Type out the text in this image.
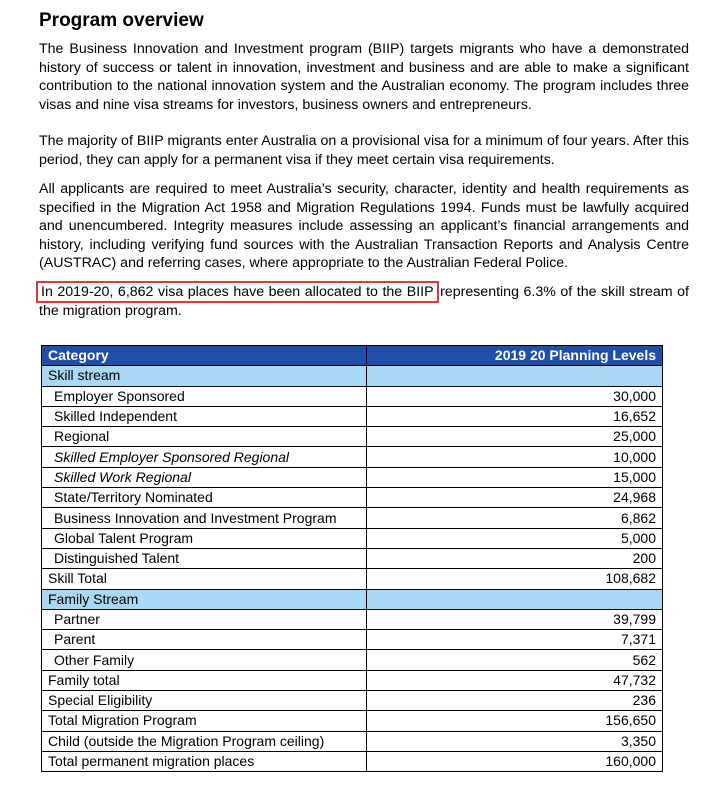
Program overview

The Business Innovation and Investment program (BIIP) targets migrants who have a demonstrated history of success or talent in innovation, investment and business and are able to make a significant contribution to the national innovation system and the Australian economy. The program includes three visas and nine visa streams for investors, business owners and entrepreneurs.

The majority of BIIP migrants enter Australia on a provisional visa for a minimum of four years. After this period, they can apply for a permanent visa if they meet certain visa requirements.

All applicants are required to meet Australia’s security, character, identity and health requirements as specified in the Migration Act 1958 and Migration Regulations 1994. Funds must be lawfully acquired and unencumbered. Integrity measures include assessing an applicant’s financial arrangements and history, including verifying fund sources with the Australian Transaction Reports and Analysis Centre (AUSTRAC) and referring cases, where appropriate to the Australian Federal Police.

In 2019-20, 6,862 visa places have been allocated to the BIIP representing 6.3% of the skill stream of the migration program.

Category	2019 20 Planning Levels
Skill stream	
Employer Sponsored	30,000
Skilled Independent	16,652
Regional	25,000
Skilled Employer Sponsored Regional	10,000
Skilled Work Regional	15,000
State/Territory Nominated	24,968
Business Innovation and Investment Program	6,862
Global Talent Program	5,000
Distinguished Talent	200
Skill Total	108,682
Family Stream	
Partner	39,799
Parent	7,371
Other Family	562
Family total	47,732
Special Eligibility	236
Total Migration Program	156,650
Child (outside the Migration Program ceiling)	3,350
Total permanent migration places	160,000
